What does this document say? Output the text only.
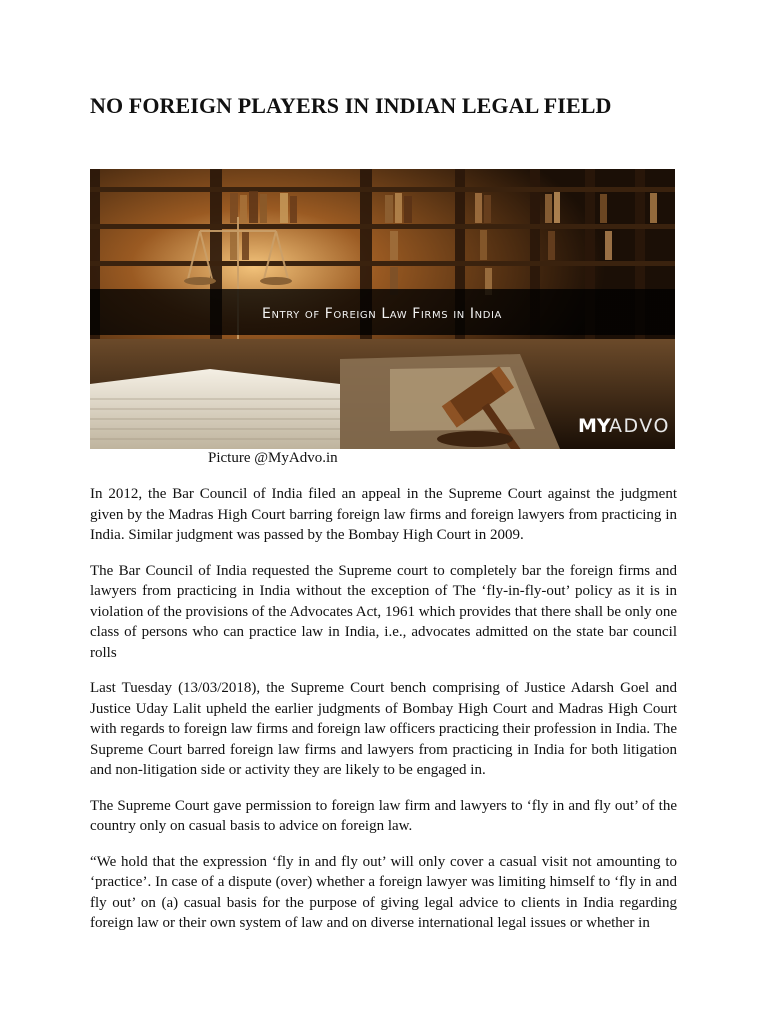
NO FOREIGN PLAYERS IN INDIAN LEGAL FIELD
Entry of Foreign Law Firms in India
MY
ADVO
Picture @MyAdvo.in

In 2012, the Bar Council of India filed an appeal in the Supreme Court against the judgment given by the Madras High Court barring foreign law firms and foreign lawyers from practicing in India. Similar judgment was passed by the Bombay High Court in 2009.

The Bar Council of India requested the Supreme court to completely bar the foreign firms and lawyers from practicing in India without the exception of The ‘fly-in-fly-out’ policy as it is in violation of the provisions of the Advocates Act, 1961 which provides that there shall be only one class of persons who can practice law in India, i.e., advocates admitted on the state bar council rolls

Last Tuesday (13/03/2018), the Supreme Court bench comprising of Justice Adarsh Goel and Justice Uday Lalit upheld the earlier judgments of Bombay High Court and Madras High Court with regards to foreign law firms and foreign law officers practicing their profession in India. The Supreme Court barred foreign law firms and lawyers from practicing in India for both litigation and non-litigation side or activity they are likely to be engaged in.

The Supreme Court gave permission to foreign law firm and lawyers to ‘fly in and fly out’ of the country only on casual basis to advice on foreign law.

“We hold that the expression ‘fly in and fly out’ will only cover a casual visit not amounting to ‘practice’. In case of a dispute (over) whether a foreign lawyer was limiting himself to ‘fly in and fly out’ on (a) casual basis for the purpose of giving legal advice to clients in India regarding foreign law or their own system of law and on diverse international legal issues or whether in
